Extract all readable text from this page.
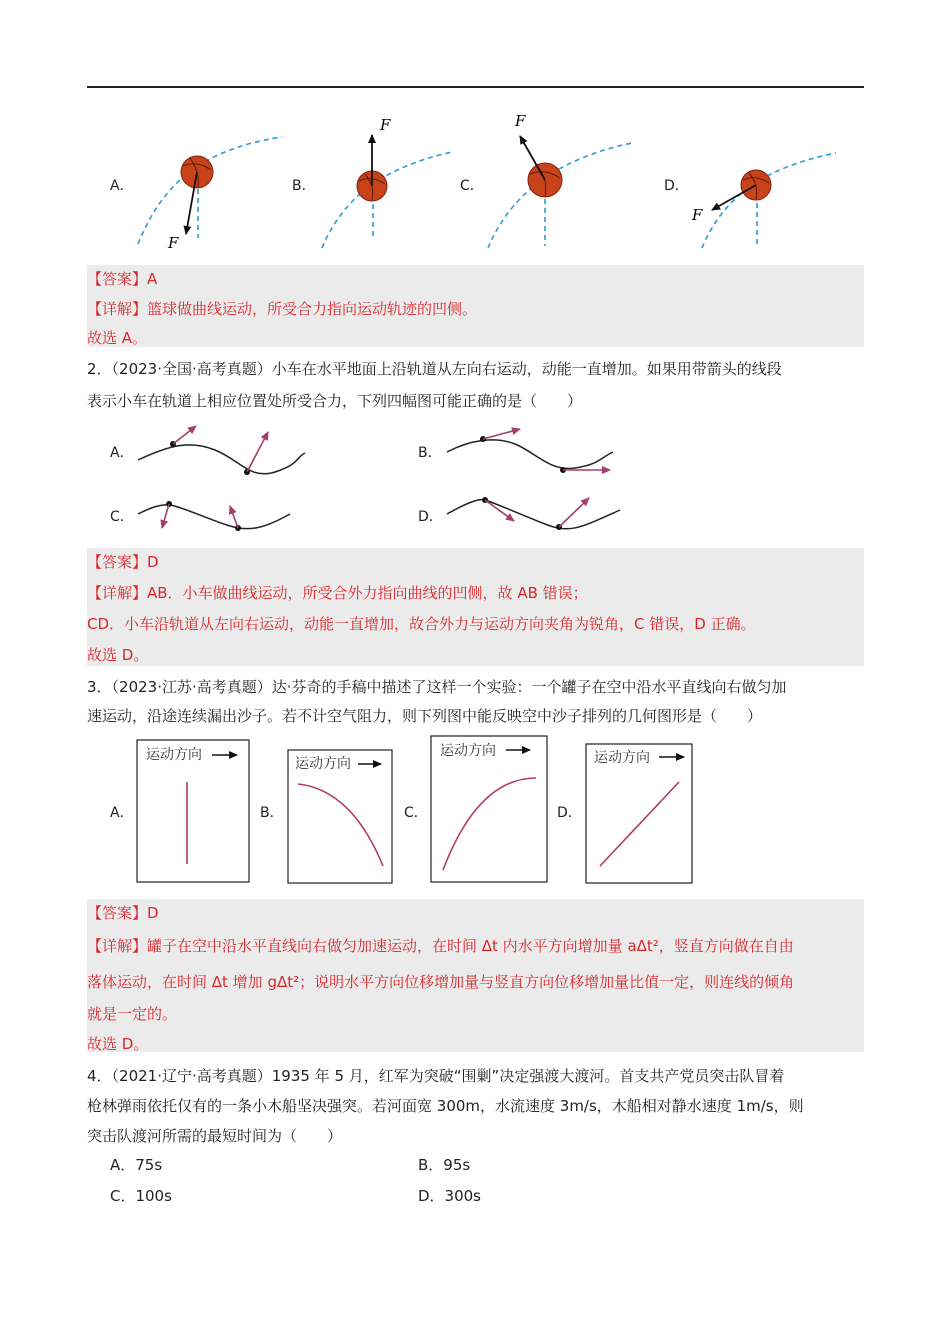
A．	B．	C．	D．
F
F	F
F
【答案】A
【详解】篮球做曲线运动，所受合力指向运动轨迹的凹侧。
故选 A。
2．（2023·全国·高考真题）小车在水平地面上沿轨道从左向右运动，动能一直增加。如果用带箭头的线段
表示小车在轨道上相应位置处所受合力，下列四幅图可能正确的是（　　）
A．	B．
C．	D．
【答案】D
【详解】AB．小车做曲线运动，所受合外力指向曲线的凹侧，故 AB 错误；
CD．小车沿轨道从左向右运动，动能一直增加，故合外力与运动方向夹角为锐角，C 错误，D 正确。
故选 D。
3．（2023·江苏·高考真题）达·芬奇的手稿中描述了这样一个实验：一个罐子在空中沿水平直线向右做匀加
速运动，沿途连续漏出沙子。若不计空气阻力，则下列图中能反映空中沙子排列的几何图形是（　　）
A．	B．	C．	D．
运动方向
运动方向
运动方向	运动方向
【答案】D
【详解】罐子在空中沿水平直线向右做匀加速运动，在时间 Δt 内水平方向增加量 aΔt²，竖直方向做在自由
落体运动，在时间 Δt 增加 gΔt²；说明水平方向位移增加量与竖直方向位移增加量比值一定，则连线的倾角
就是一定的。
故选 D。
4．（2021·辽宁·高考真题）1935 年 5 月，红军为突破“围剿”决定强渡大渡河。首支共产党员突击队冒着
枪林弹雨依托仅有的一条小木船坚决强突。若河面宽 300m，水流速度 3m/s，木船相对静水速度 1m/s，则
突击队渡河所需的最短时间为（　　）
A．75s	B．95s
C．100s	D．300s
